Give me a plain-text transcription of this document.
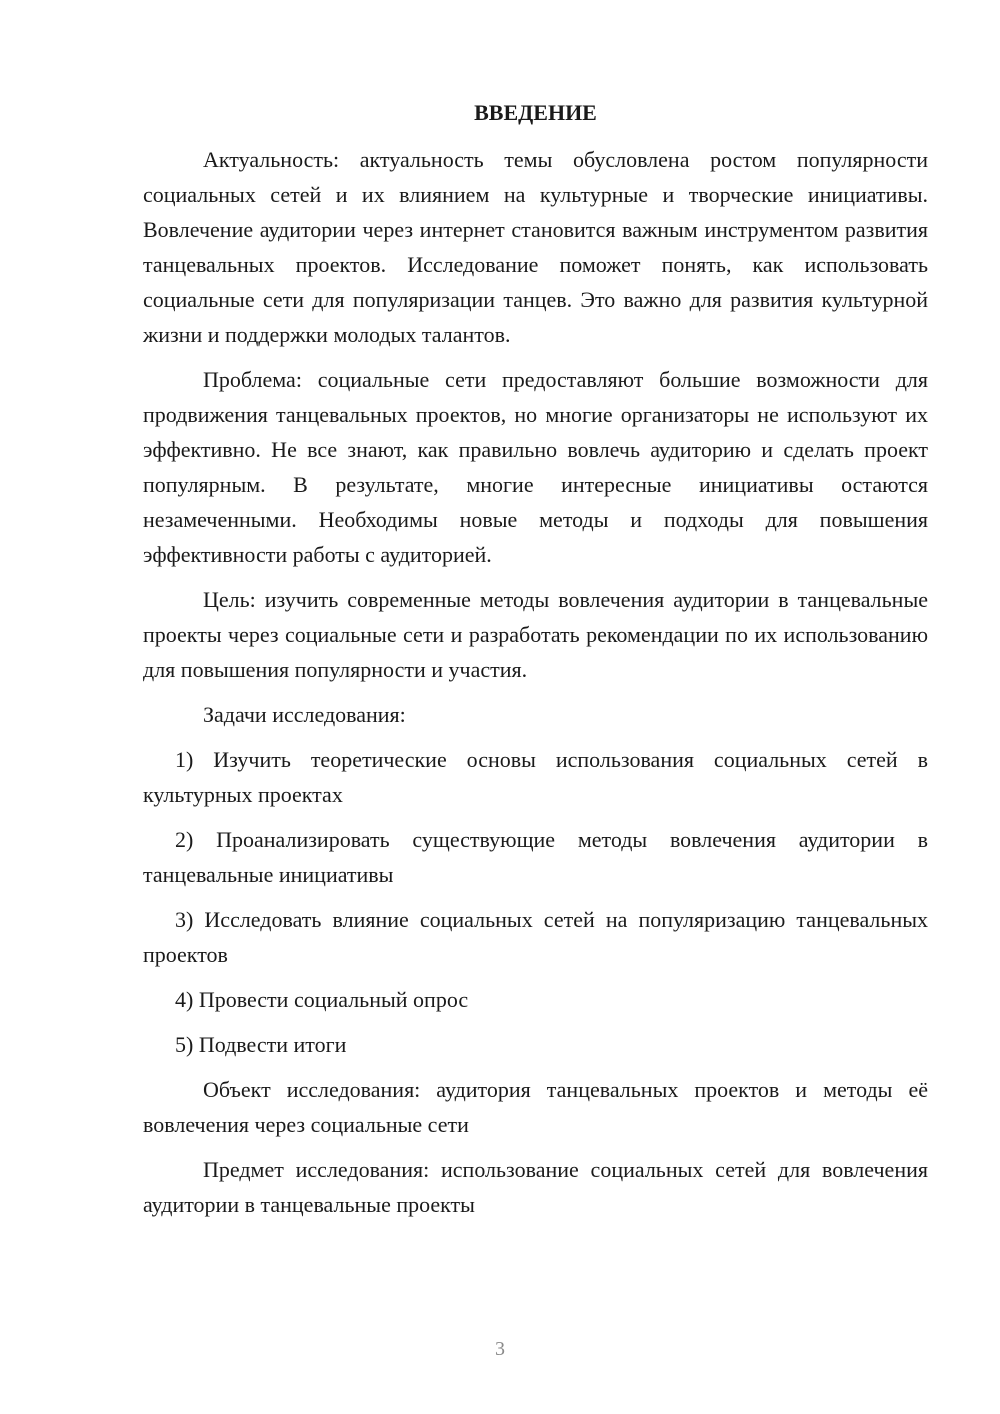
ВВЕДЕНИЕ

Актуальность: актуальность темы обусловлена ростом популярности социальных сетей и их влиянием на культурные и творческие инициативы. Вовлечение аудитории через интернет становится важным инструментом развития танцевальных проектов. Исследование поможет понять, как использовать социальные сети для популяризации танцев. Это важно для развития культурной жизни и поддержки молодых талантов.

Проблема: социальные сети предоставляют большие возможности для продвижения танцевальных проектов, но многие организаторы не используют их эффективно. Не все знают, как правильно вовлечь аудиторию и сделать проект популярным. В результате, многие интересные инициативы остаются незамеченными. Необходимы новые методы и подходы для повышения эффективности работы с аудиторией.

Цель: изучить современные методы вовлечения аудитории в танцевальные проекты через социальные сети и разработать рекомендации по их использованию для повышения популярности и участия.

Задачи исследования:

1) Изучить теоретические основы использования социальных сетей в культурных проектах

2) Проанализировать существующие методы вовлечения аудитории в танцевальные инициативы

3) Исследовать влияние социальных сетей на популяризацию танцевальных проектов

4) Провести социальный опрос

5) Подвести итоги

Объект исследования: аудитория танцевальных проектов и методы её вовлечения через социальные сети

Предмет исследования: использование социальных сетей для вовлечения аудитории в танцевальные проекты

3
